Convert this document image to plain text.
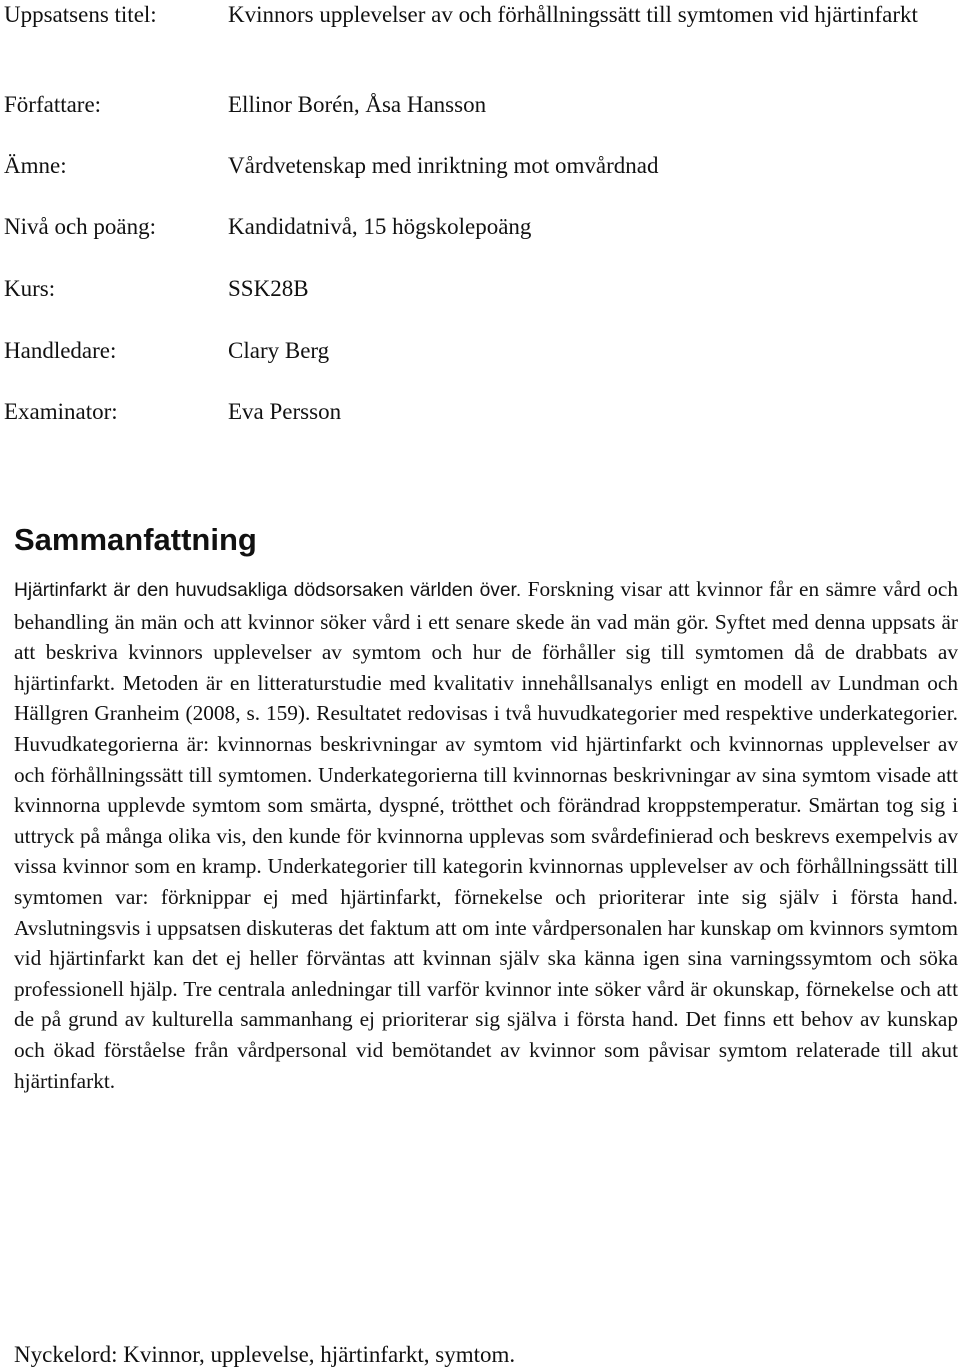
Uppsatsens titel:	Kvinnors upplevelser av och förhållningssätt till symtomen vid hjärtinfarkt
Författare:	Ellinor Borén, Åsa Hansson
Ämne:	Vårdvetenskap med inriktning mot omvårdnad
Nivå och poäng:	Kandidatnivå, 15 högskolepoäng
Kurs:	SSK28B
Handledare:	Clary Berg
Examinator:	Eva Persson
Sammanfattning

Hjärtinfarkt är den huvudsakliga dödsorsaken världen över. Forskning visar att kvinnor får en sämre vård och behandling än män och att kvinnor söker vård i ett senare skede än vad män gör. Syftet med denna uppsats är att beskriva kvinnors upplevelser av symtom och hur de förhåller sig till symtomen då de drabbats av hjärtinfarkt. Metoden är en litteraturstudie med kvalitativ innehållsanalys enligt en modell av Lundman och Hällgren Granheim (2008, s. 159). Resultatet redovisas i två huvudkategorier med respektive underkategorier. Huvudkategorierna är: kvinnornas beskrivningar av symtom vid hjärtinfarkt och kvinnornas upplevelser av och förhållningssätt till symtomen. Underkategorierna till kvinnornas beskrivningar av sina symtom visade att kvinnorna upplevde symtom som smärta, dyspné, trötthet och förändrad kroppstemperatur. Smärtan tog sig i uttryck på många olika vis, den kunde för kvinnorna upplevas som svårdefinierad och beskrevs exempelvis av vissa kvinnor som en kramp. Underkategorier till kategorin kvinnornas upplevelser av och förhållningssätt till symtomen var: förknippar ej med hjärtinfarkt, förnekelse och prioriterar inte sig själv i första hand. Avslutningsvis i uppsatsen diskuteras det faktum att om inte vårdpersonalen har kunskap om kvinnors symtom vid hjärtinfarkt kan det ej heller förväntas att kvinnan själv ska känna igen sina varningssymtom och söka professionell hjälp. Tre centrala anledningar till varför kvinnor inte söker vård är okunskap, förnekelse och att de på grund av kulturella sammanhang ej prioriterar sig själva i första hand. Det finns ett behov av kunskap och ökad förståelse från vårdpersonal vid bemötandet av kvinnor som påvisar symtom relaterade till akut hjärtinfarkt.

Nyckelord: Kvinnor, upplevelse, hjärtinfarkt, symtom.
